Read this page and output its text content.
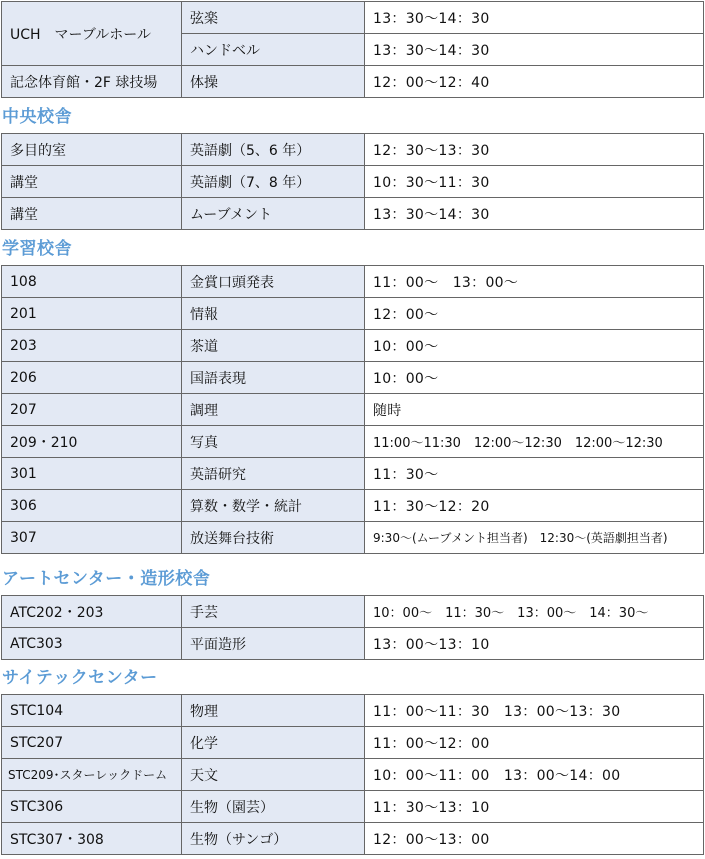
UCH　マーブルホール	弦楽	13：30～14：30
	ハンドベル	13：30～14：30
記念体育館・2F 球技場	体操	12：00～12：40
中央校舎
多目的室	英語劇（5、6 年）	12：30～13：30
講堂	英語劇（7、8 年）	10：30～11：30
講堂	ムーブメント	13：30～14：30
学習校舎
108	金賞口頭発表	11：00～　13：00～
201	情報	12：00～
203	茶道	10：00～
206	国語表現	10：00～
207	調理	随時
209・210	写真	11:00～11:30　12:00～12:30　12:00～12:30
301	英語研究	11：30～
306	算数・数学・統計	11：30～12：20
307	放送舞台技術	9:30～(ムーブメント担当者)　12:30～(英語劇担当者)
アートセンター・造形校舎
ATC202・203	手芸	10：00～　11：30～　13：00～　14：30～
ATC303	平面造形	13：00～13：10
サイテックセンター
STC104	物理	11：00～11：30　13：00～13：30
STC207	化学	11：00～12：00
STC209･スターレックドーム	天文	10：00～11：00　13：00～14：00
STC306	生物（園芸）	11：30～13：10
STC307・308	生物（サンゴ）	12：00～13：00
